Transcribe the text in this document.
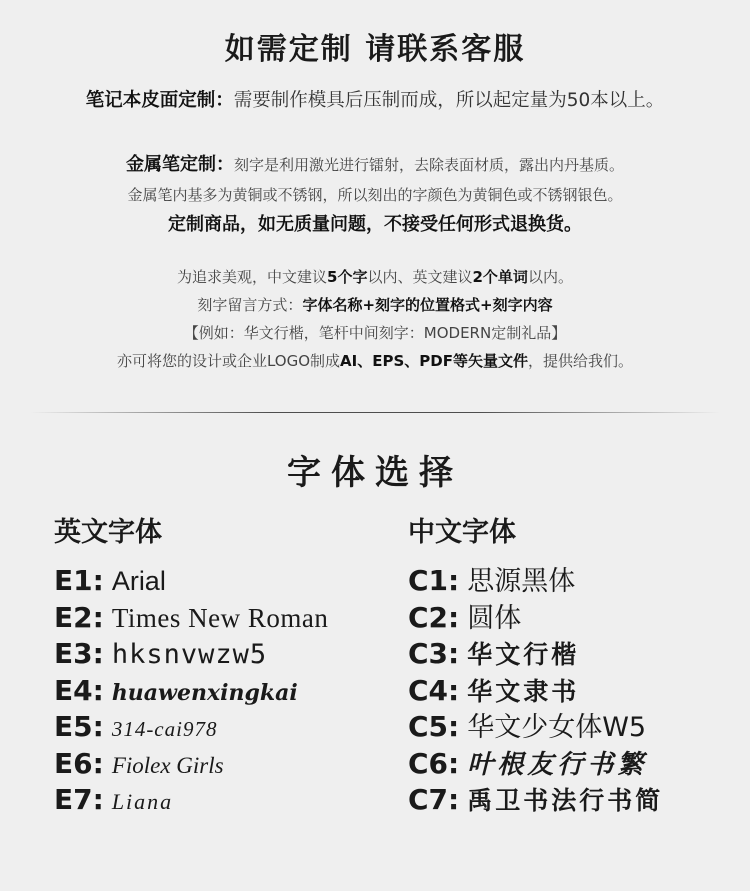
如需定制 请联系客服
笔记本皮面定制：需要制作模具后压制而成，所以起定量为50本以上。
金属笔定制：刻字是利用激光进行镭射，去除表面材质，露出内丹基质。
金属笔内基多为黄铜或不锈钢，所以刻出的字颜色为黄铜色或不锈钢银色。
定制商品，如无质量问题，不接受任何形式退换货。
为追求美观，中文建议5个字以内、英文建议2个单词以内。
刻字留言方式：字体名称+刻字的位置格式+刻字内容
【例如：华文行楷，笔杆中间刻字：MODERN定制礼品】
亦可将您的设计或企业LOGO制成AI、EPS、PDF等矢量文件，提供给我们。
字体选择
英文字体
E1: Arial
E2: Times New Roman
E3: hksnvwzw5
E4: huawenxingkai
E5: 314-cai978
E6: Fiolex Girls
E7: Liana
中文字体
C1: 思源黑体
C2: 圆体
C3: 华文行楷
C4: 华文隶书
C5: 华文少女体W5
C6: 叶根友行书繁
C7: 禹卫书法行书简
